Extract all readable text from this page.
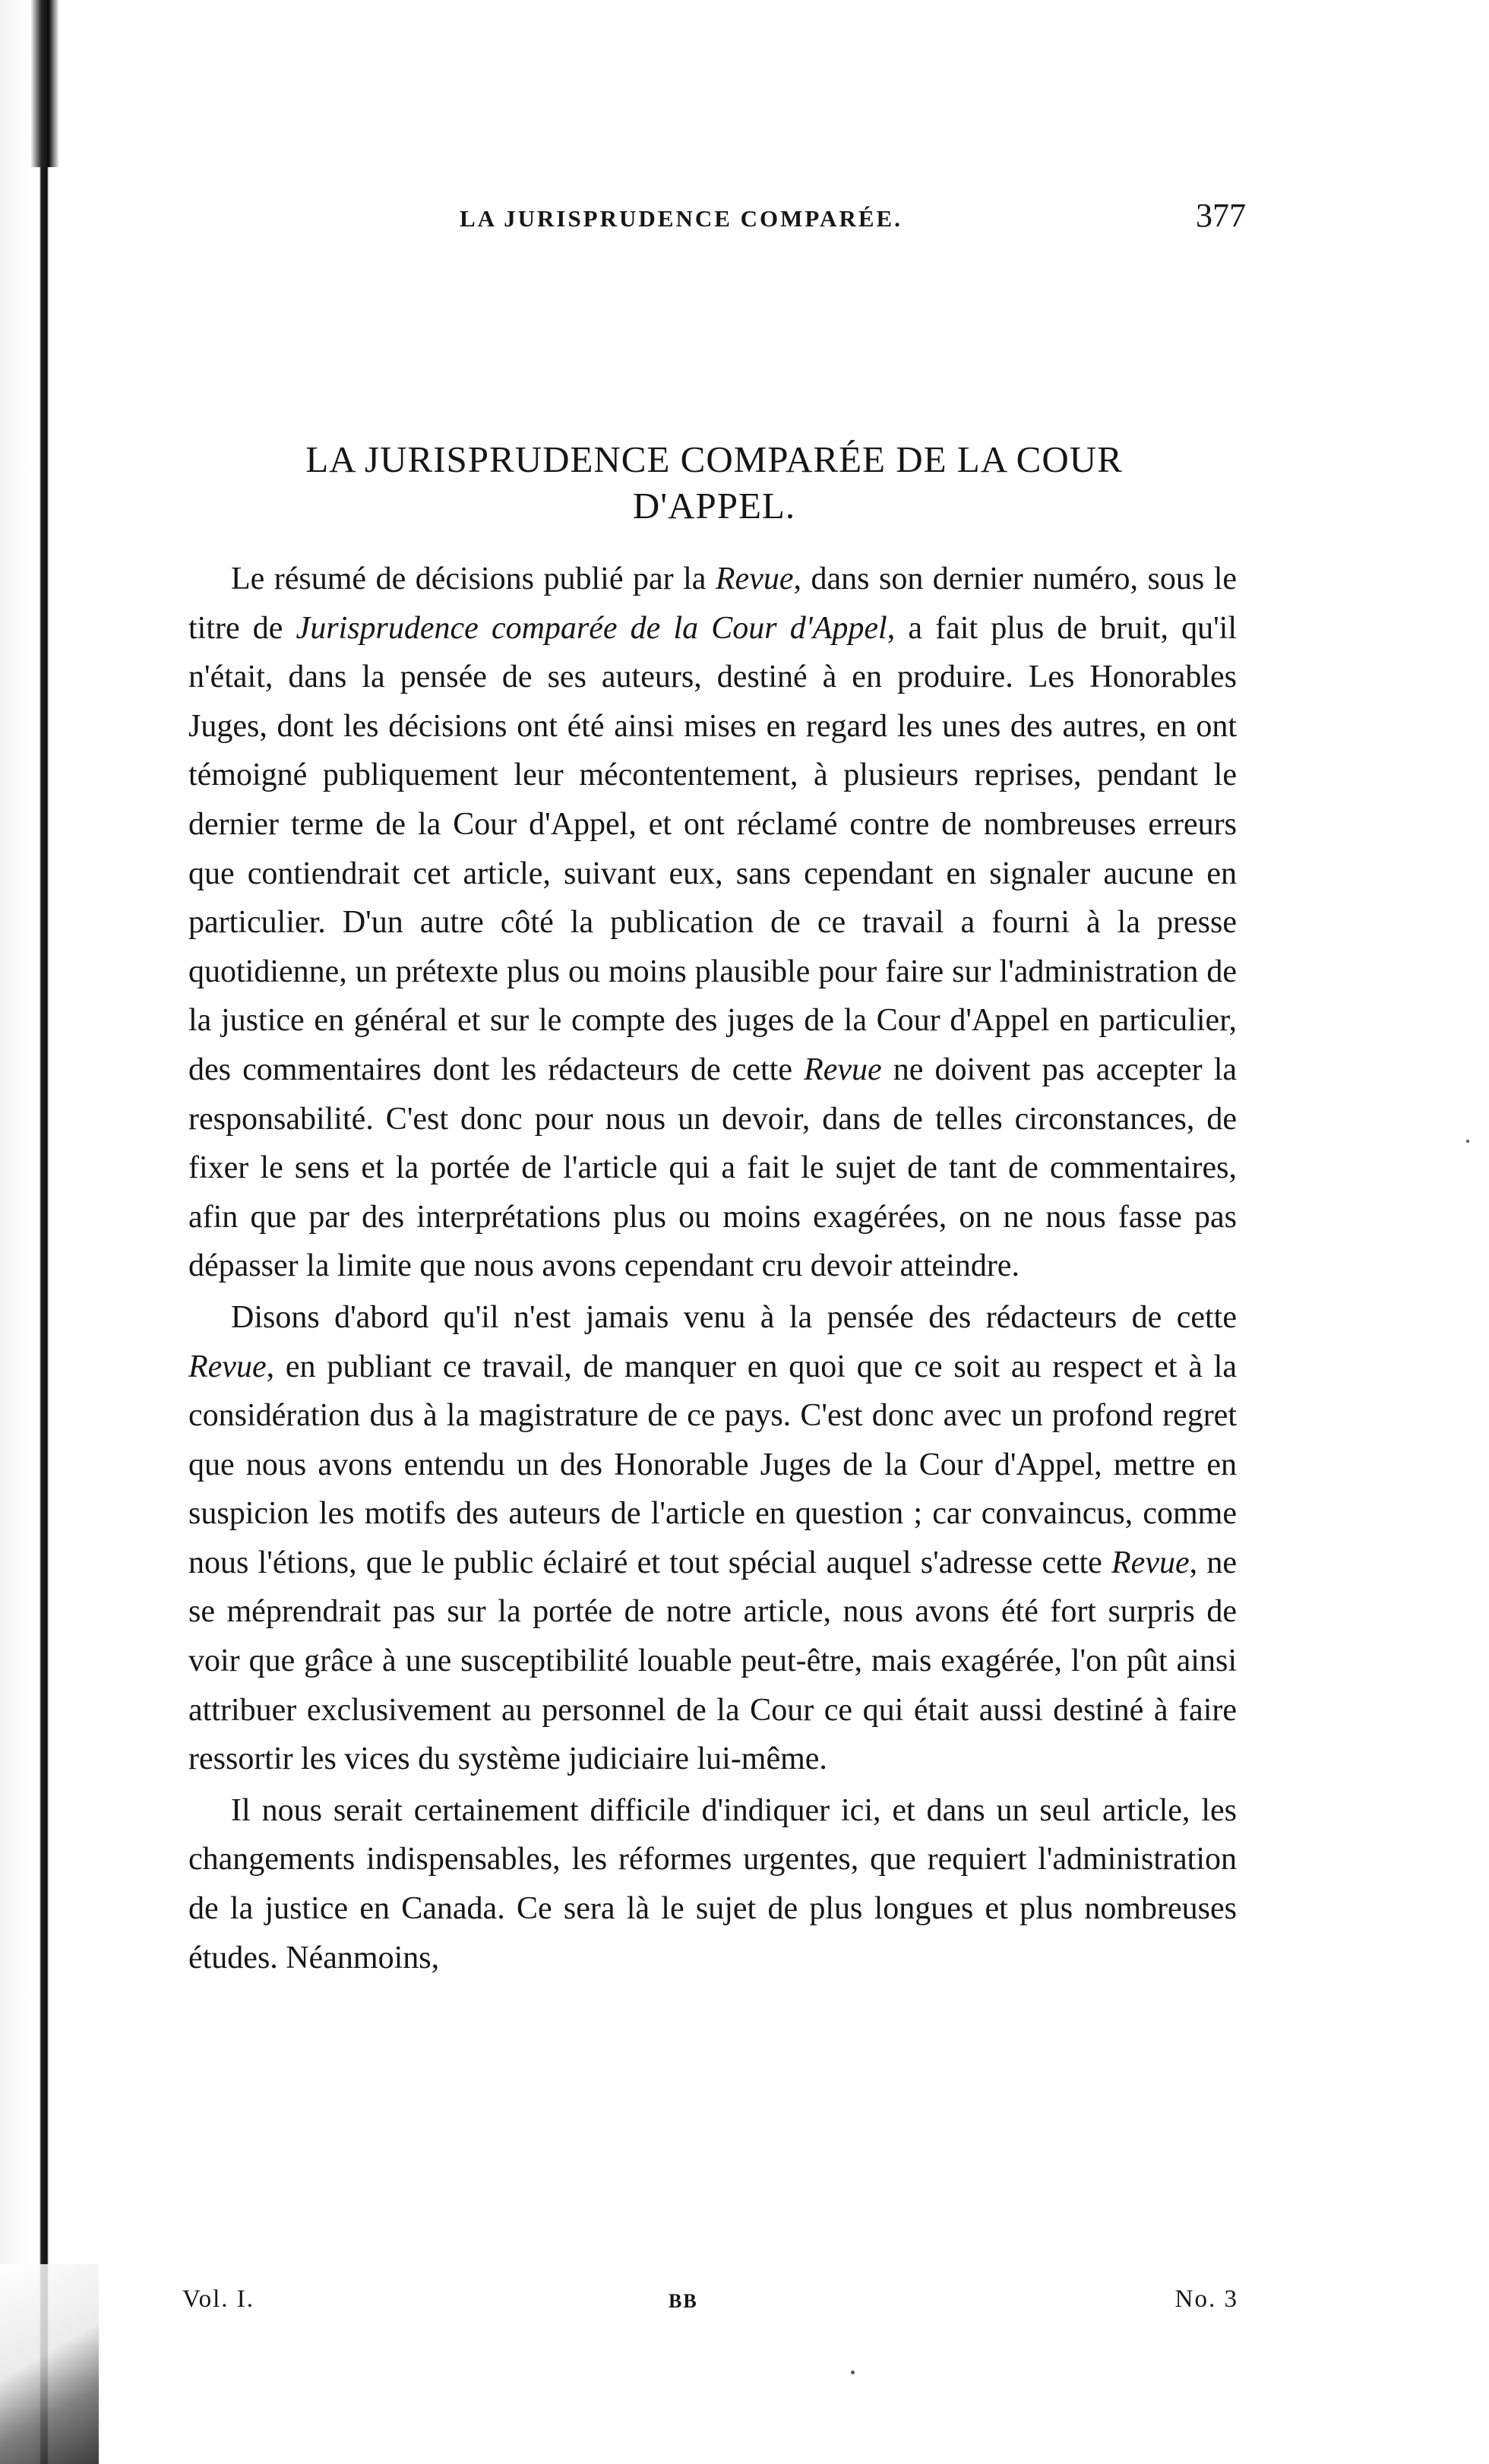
LA JURISPRUDENCE COMPARÉE.	377
LA JURISPRUDENCE COMPARÉE DE LA COUR
D'APPEL.

Le résumé de décisions publié par la Revue, dans son dernier numéro, sous le titre de Jurisprudence comparée de la Cour d'Appel, a fait plus de bruit, qu'il n'était, dans la pensée de ses auteurs, destiné à en produire. Les Honorables Juges, dont les décisions ont été ainsi mises en regard les unes des autres, en ont témoigné publiquement leur mécontentement, à plusieurs reprises, pendant le dernier terme de la Cour d'Appel, et ont réclamé contre de nombreuses erreurs que contiendrait cet article, suivant eux, sans cependant en signaler aucune en particulier. D'un autre côté la publication de ce travail a fourni à la presse quotidienne, un prétexte plus ou moins plausible pour faire sur l'administration de la justice en général et sur le compte des juges de la Cour d'Appel en particulier, des commentaires dont les rédacteurs de cette Revue ne doivent pas accepter la responsabilité. C'est donc pour nous un devoir, dans de telles circonstances, de fixer le sens et la portée de l'article qui a fait le sujet de tant de commentaires, afin que par des interprétations plus ou moins exagérées, on ne nous fasse pas dépasser la limite que nous avons cependant cru devoir atteindre.

Disons d'abord qu'il n'est jamais venu à la pensée des rédacteurs de cette Revue, en publiant ce travail, de manquer en quoi que ce soit au respect et à la considération dus à la magistrature de ce pays. C'est donc avec un profond regret que nous avons entendu un des Honorable Juges de la Cour d'Appel, mettre en suspicion les motifs des auteurs de l'article en question ; car convaincus, comme nous l'étions, que le public éclairé et tout spécial auquel s'adresse cette Revue, ne se méprendrait pas sur la portée de notre article, nous avons été fort surpris de voir que grâce à une susceptibilité louable peut-être, mais exagérée, l'on pût ainsi attribuer exclusivement au personnel de la Cour ce qui était aussi destiné à faire ressortir les vices du système judiciaire lui-même.

Il nous serait certainement difficile d'indiquer ici, et dans un seul article, les changements indispensables, les réformes urgentes, que requiert l'administration de la justice en Canada. Ce sera là le sujet de plus longues et plus nombreuses études. Néanmoins,

Vol. I.	BB	No. 3
